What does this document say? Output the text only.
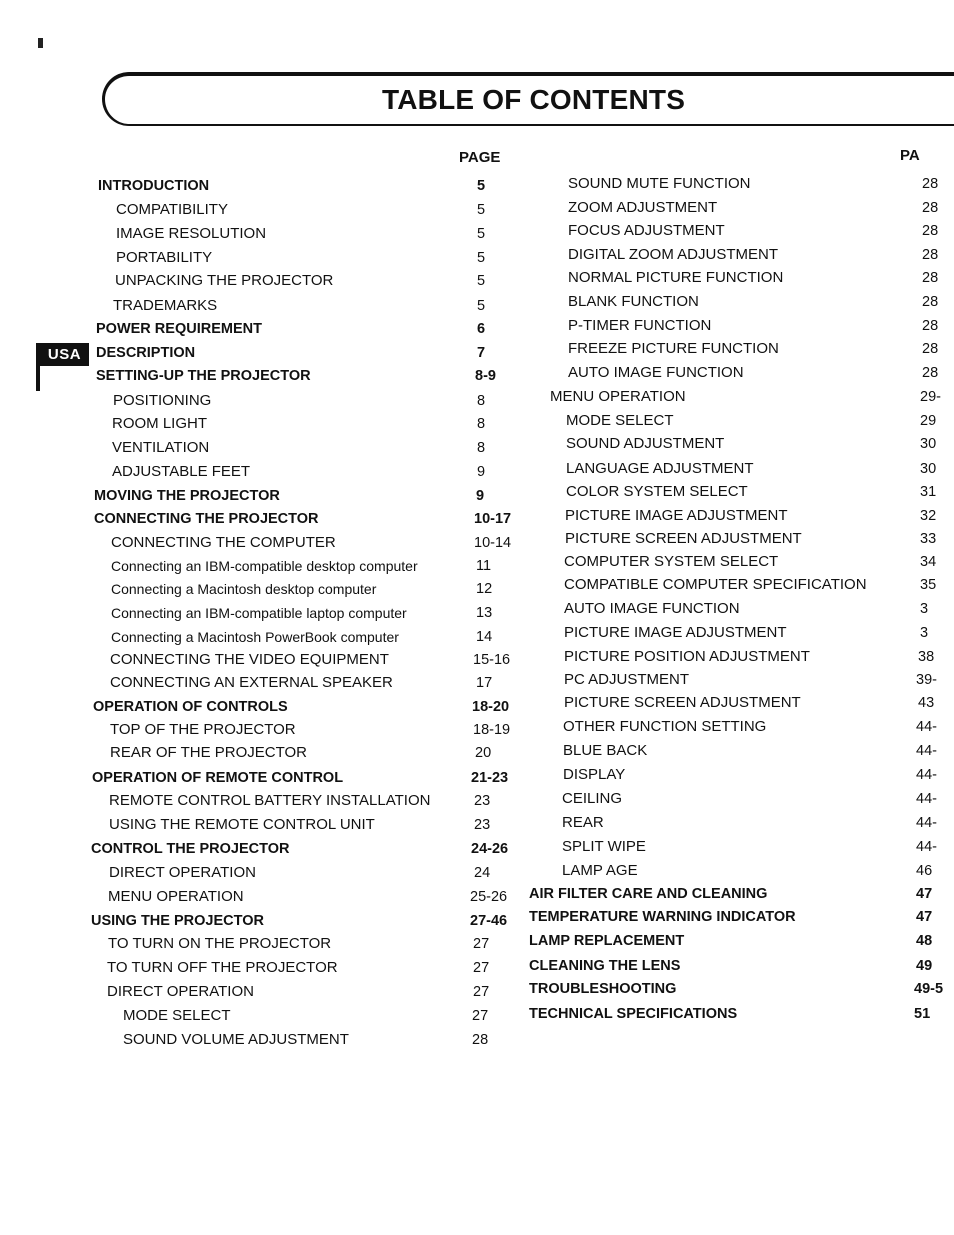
TABLE OF CONTENTS
PAGE	PA
USA
INTRODUCTION	5
COMPATIBILITY	5
IMAGE RESOLUTION	5
PORTABILITY	5
UNPACKING THE PROJECTOR	5
TRADEMARKS	5
POWER REQUIREMENT	6
DESCRIPTION	7
SETTING-UP THE PROJECTOR	8-9
POSITIONING	8
ROOM LIGHT	8
VENTILATION	8
ADJUSTABLE FEET	9
MOVING THE PROJECTOR	9
CONNECTING THE PROJECTOR	10-17
CONNECTING THE COMPUTER	10-14
Connecting an IBM-compatible desktop computer	11
Connecting a Macintosh desktop computer	12
Connecting an IBM-compatible laptop computer	13
Connecting a Macintosh PowerBook computer	14
CONNECTING THE VIDEO EQUIPMENT	15-16
CONNECTING AN EXTERNAL SPEAKER	17
OPERATION OF CONTROLS	18-20
TOP OF THE PROJECTOR	18-19
REAR OF THE PROJECTOR	20
OPERATION OF REMOTE CONTROL	21-23
REMOTE CONTROL BATTERY INSTALLATION	23
USING THE REMOTE CONTROL UNIT	23
CONTROL THE PROJECTOR	24-26
DIRECT OPERATION	24
MENU OPERATION	25-26
USING THE PROJECTOR	27-46
TO TURN ON THE PROJECTOR	27
TO TURN OFF THE PROJECTOR	27
DIRECT OPERATION	27
MODE SELECT	27
SOUND VOLUME ADJUSTMENT	28
SOUND MUTE FUNCTION	28
ZOOM ADJUSTMENT	28
FOCUS ADJUSTMENT	28
DIGITAL ZOOM ADJUSTMENT	28
NORMAL PICTURE FUNCTION	28
BLANK FUNCTION	28
P-TIMER FUNCTION	28
FREEZE PICTURE FUNCTION	28
AUTO IMAGE FUNCTION	28
MENU OPERATION	29-
MODE SELECT	29
SOUND ADJUSTMENT	30
LANGUAGE ADJUSTMENT	30
COLOR SYSTEM SELECT	31
PICTURE IMAGE ADJUSTMENT	32
PICTURE SCREEN ADJUSTMENT	33
COMPUTER SYSTEM SELECT	34
COMPATIBLE COMPUTER SPECIFICATION	35
AUTO IMAGE FUNCTION	3
PICTURE IMAGE ADJUSTMENT	3
PICTURE POSITION ADJUSTMENT	38
PC ADJUSTMENT	39-
PICTURE SCREEN ADJUSTMENT	43
OTHER FUNCTION SETTING	44-
BLUE BACK	44-
DISPLAY	44-
CEILING	44-
REAR	44-
SPLIT WIPE	44-
LAMP AGE	46
AIR FILTER CARE AND CLEANING	47
TEMPERATURE WARNING INDICATOR	47
LAMP REPLACEMENT	48
CLEANING THE LENS	49
TROUBLESHOOTING	49-5
TECHNICAL SPECIFICATIONS	51
